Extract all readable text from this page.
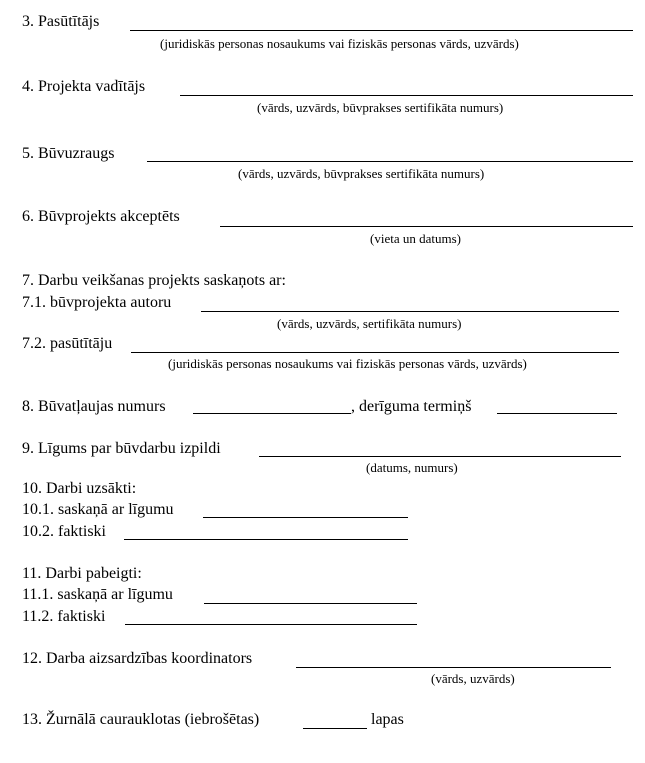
3. Pasūtītājs
(juridiskās personas nosaukums vai fiziskās personas vārds, uzvārds)
4. Projekta vadītājs
(vārds, uzvārds, būvprakses sertifikāta numurs)
5. Būvuzraugs
(vārds, uzvārds, būvprakses sertifikāta numurs)
6. Būvprojekts akceptēts
(vieta un datums)
7. Darbu veikšanas projekts saskaņots ar:
7.1. būvprojekta autoru
(vārds, uzvārds, sertifikāta numurs)
7.2. pasūtītāju
(juridiskās personas nosaukums vai fiziskās personas vārds, uzvārds)
8. Būvatļaujas numurs	, derīguma termiņš
9. Līgums par būvdarbu izpildi
(datums, numurs)
10. Darbi uzsākti:
10.1. saskaņā ar līgumu
10.2. faktiski
11. Darbi pabeigti:
11.1. saskaņā ar līgumu
11.2. faktiski
12. Darba aizsardzības koordinators
(vārds, uzvārds)
13. Žurnālā caurauklotas (iebrošētas)	lapas
